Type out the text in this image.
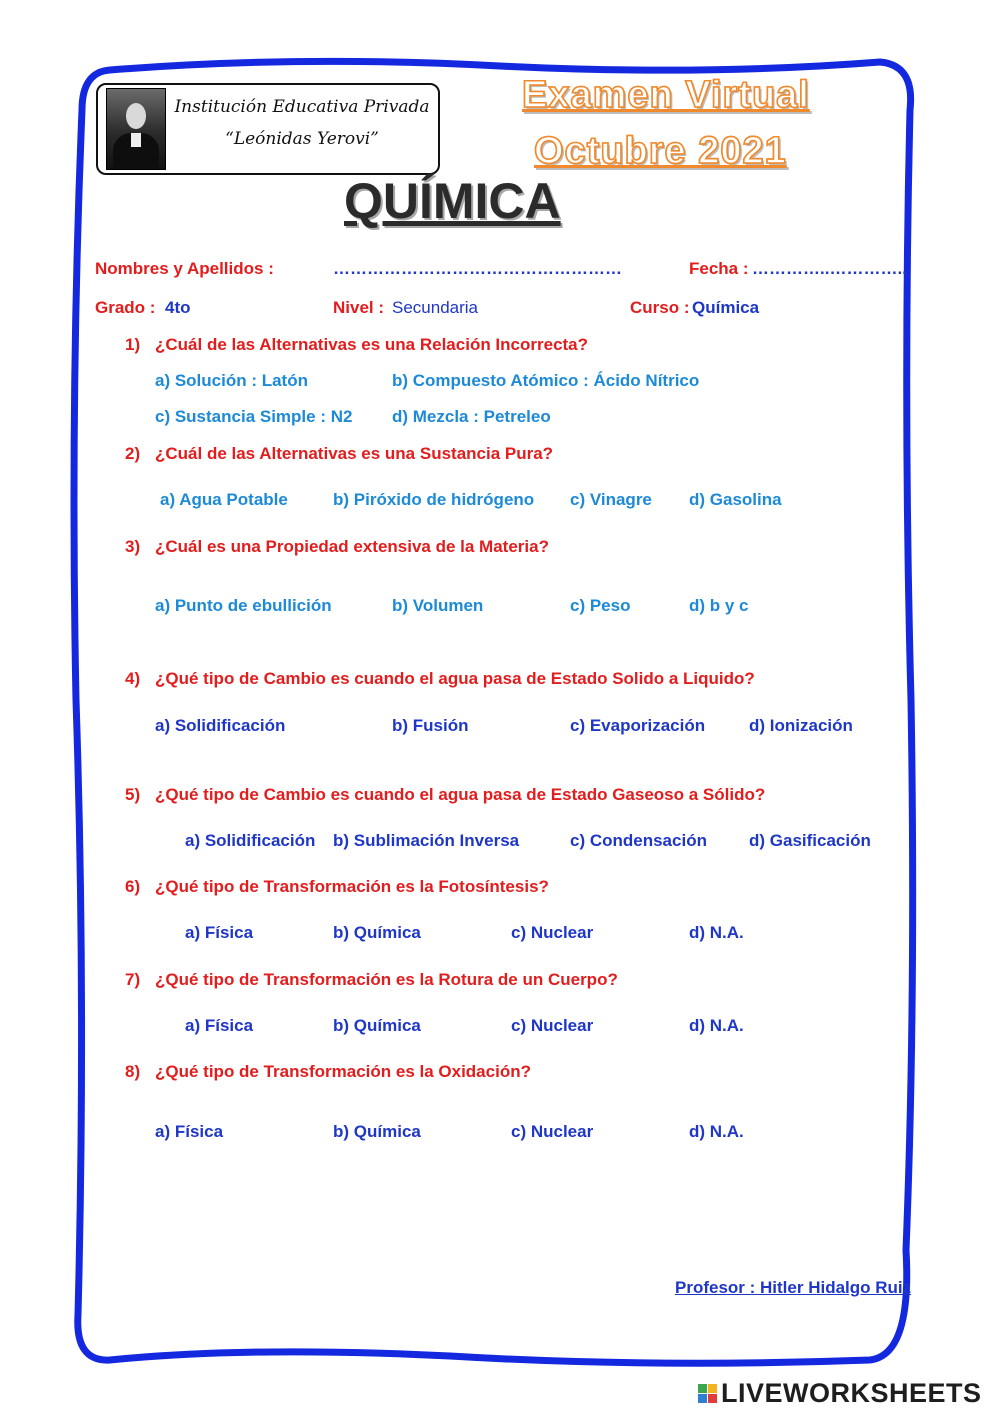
Institución Educativa Privada
“Leónidas Yerovi”
Examen Virtual
Octubre 2021
QUÍMICA
Nombres y Apellidos :	……………………………………………	Fecha : …………..…………..
Grado : 4to	Nivel : Secundaria	Curso : Química
1) ¿Cuál de las Alternativas es una Relación Incorrecta?
a) Solución : Latón	b) Compuesto Atómico : Ácido Nítrico
c) Sustancia Simple : N2 d) Mezcla : Petreleo
2) ¿Cuál de las Alternativas es una Sustancia Pura?
a) Agua Potable	b) Piróxido de hidrógeno c) Vinagre d) Gasolina
3) ¿Cuál es una Propiedad extensiva de la Materia?
a) Punto de ebullición	b) Volumen	c) Peso	d) b y c
4) ¿Qué tipo de Cambio es cuando el agua pasa de Estado Solido a Liquido?
a) Solidificación	b) Fusión	c) Evaporización	d) Ionización
5) ¿Qué tipo de Cambio es cuando el agua pasa de Estado Gaseoso a Sólido?
a) Solidificación b) Sublimación Inversa	c) Condensación d) Gasificación
6) ¿Qué tipo de Transformación es la Fotosíntesis?
a) Física	b) Química	c) Nuclear	d) N.A.
7) ¿Qué tipo de Transformación es la Rotura de un Cuerpo?
a) Física	b) Química	c) Nuclear	d) N.A.
8) ¿Qué tipo de Transformación es la Oxidación?
a) Física	b) Química	c) Nuclear	d) N.A.
Profesor : Hitler Hidalgo Ruiz
LIVEWORKSHEETS
